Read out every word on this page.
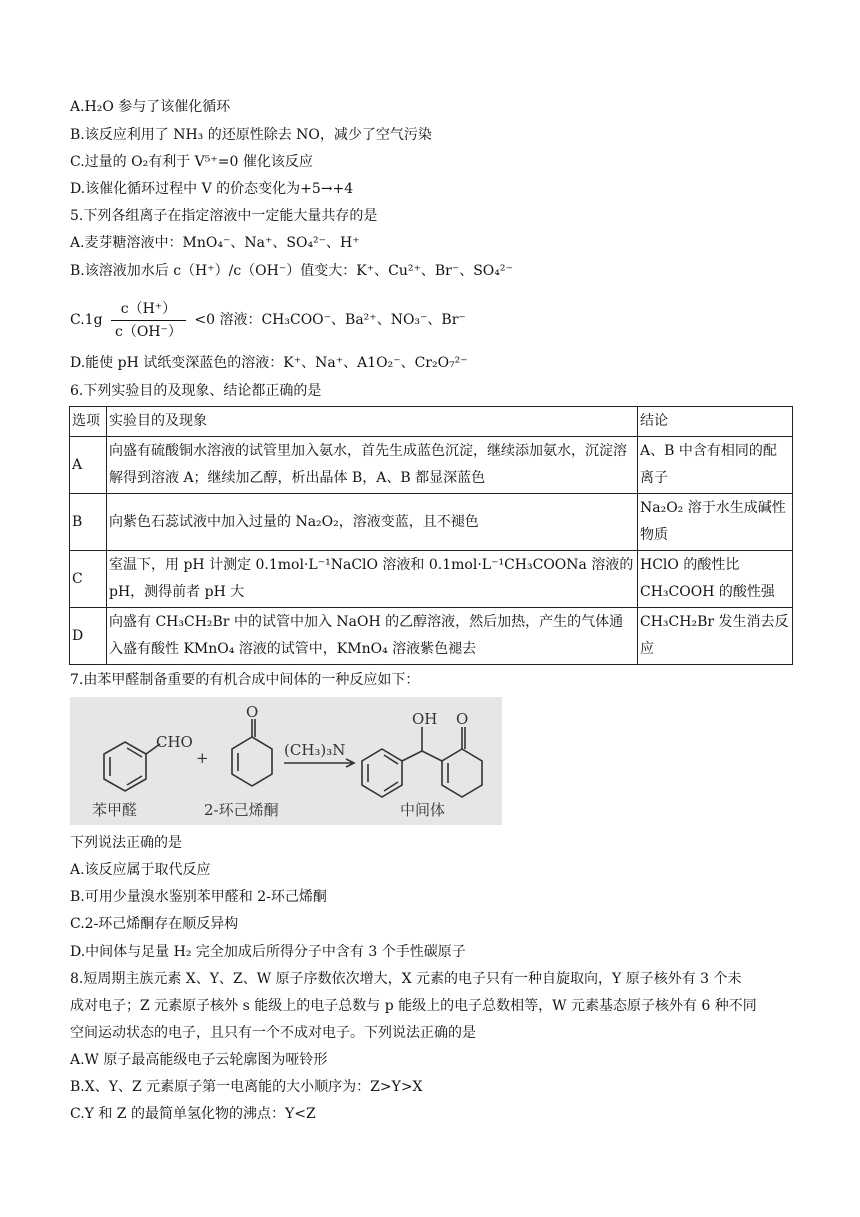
A.H₂O 参与了该催化循环
B.该反应利用了 NH₃ 的还原性除去 NO，减少了空气污染
C.过量的 O₂有利于 V⁵⁺=0 催化该反应
D.该催化循环过程中 V 的价态变化为+5→+4
5.下列各组离子在指定溶液中一定能大量共存的是
A.麦芽糖溶液中：MnO₄⁻、Na⁺、SO₄²⁻、H⁺
B.该溶液加水后 c（H⁺）/c（OH⁻）值变大：K⁺、Cu²⁺、Br⁻、SO₄²⁻
$C.1g \frac{c(H^+)}{c(OH^-)} <0$ 溶液：CH₃COO⁻、Ba²⁺、NO₃⁻、Br⁻
D.能使 pH 试纸变深蓝色的溶液：K⁺、Na⁺、A1O₂⁻、Cr₂O₇²⁻
6.下列实验目的及现象、结论都正确的是
选项	实验目的及现象	结论
A	向盛有硫酸铜水溶液的试管里加入氨水，首先生成蓝色沉淀，继续添加氨水，沉淀溶解得到溶液 A；继续加乙醇，析出晶体 B，A、B 都显深蓝色	A、B 中含有相同的配离子
B	向紫色石蕊试液中加入过量的 Na₂O₂，溶液变蓝，且不褪色	Na₂O₂ 溶于水生成碱性物质
C	室温下，用 pH 计测定 0.1mol·L⁻¹NaClO 溶液和 0.1mol·L⁻¹CH₃COONa 溶液的 pH，测得前者 pH 大	HClO 的酸性比 CH₃COOH 的酸性强
D	向盛有 CH₃CH₂Br 中的试管中加入 NaOH 的乙醇溶液，然后加热，产生的气体通入盛有酸性 KMnO₄ 溶液的试管中，KMnO₄ 溶液紫色褪去	CH₃CH₂Br 发生消去反应
7.由苯甲醛制备重要的有机合成中间体的一种反应如下：
CHO
O
+	(CH₃)₃N
OH O
苯甲醛	2-环己烯酮	中间体
下列说法正确的是
A.该反应属于取代反应
B.可用少量溴水鉴别苯甲醛和 2-环己烯酮
C.2-环己烯酮存在顺反异构
D.中间体与足量 H₂ 完全加成后所得分子中含有 3 个手性碳原子
8.短周期主族元素 X、Y、Z、W 原子序数依次增大，X 元素的电子只有一种自旋取向，Y 原子核外有 3 个未
成对电子；Z 元素原子核外 s 能级上的电子总数与 p 能级上的电子总数相等，W 元素基态原子核外有 6 种不同
空间运动状态的电子，且只有一个不成对电子。下列说法正确的是
A.W 原子最高能级电子云轮廓图为哑铃形
B.X、Y、Z 元素原子第一电离能的大小顺序为：Z>Y>X
C.Y 和 Z 的最简单氢化物的沸点：Y<Z
